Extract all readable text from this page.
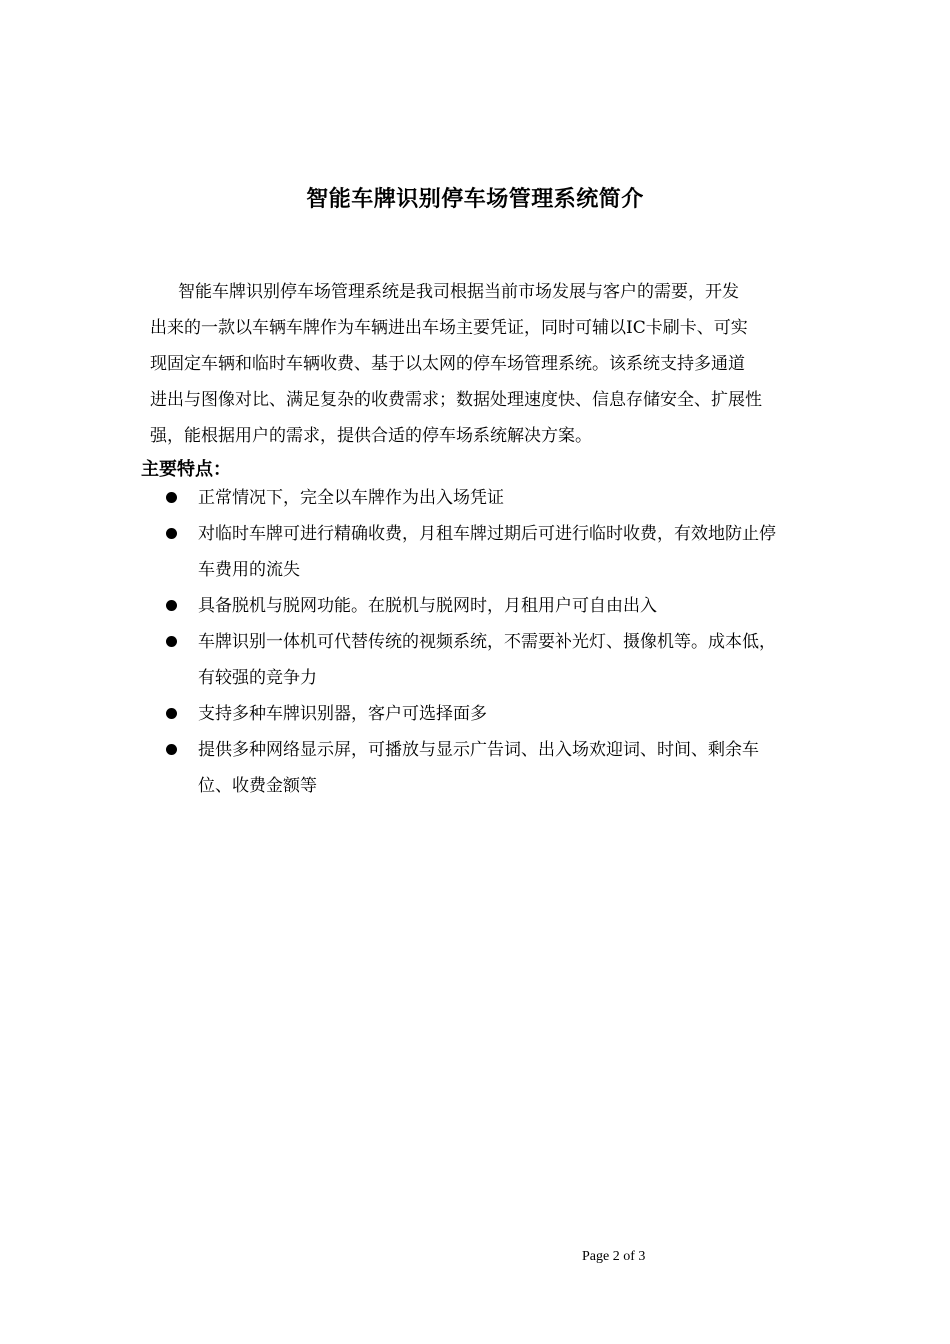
智能车牌识别停车场管理系统简介

智能车牌识别停车场管理系统是我司根据当前市场发展与客户的需要，开发
出来的一款以车辆车牌作为车辆进出车场主要凭证，同时可辅以IC卡刷卡、可实
现固定车辆和临时车辆收费、基于以太网的停车场管理系统。该系统支持多通道
进出与图像对比、满足复杂的收费需求；数据处理速度快、信息存储安全、扩展性
强，能根据用户的需求，提供合适的停车场系统解决方案。

主要特点：
正常情况下，完全以车牌作为出入场凭证
对临时车牌可进行精确收费，月租车牌过期后可进行临时收费，有效地防止停
车费用的流失
具备脱机与脱网功能。在脱机与脱网时，月租用户可自由出入
车牌识别一体机可代替传统的视频系统，不需要补光灯、摄像机等。成本低，
有较强的竞争力
支持多种车牌识别器，客户可选择面多
提供多种网络显示屏，可播放与显示广告词、出入场欢迎词、时间、剩余车
位、收费金额等
Page 2 of 3
